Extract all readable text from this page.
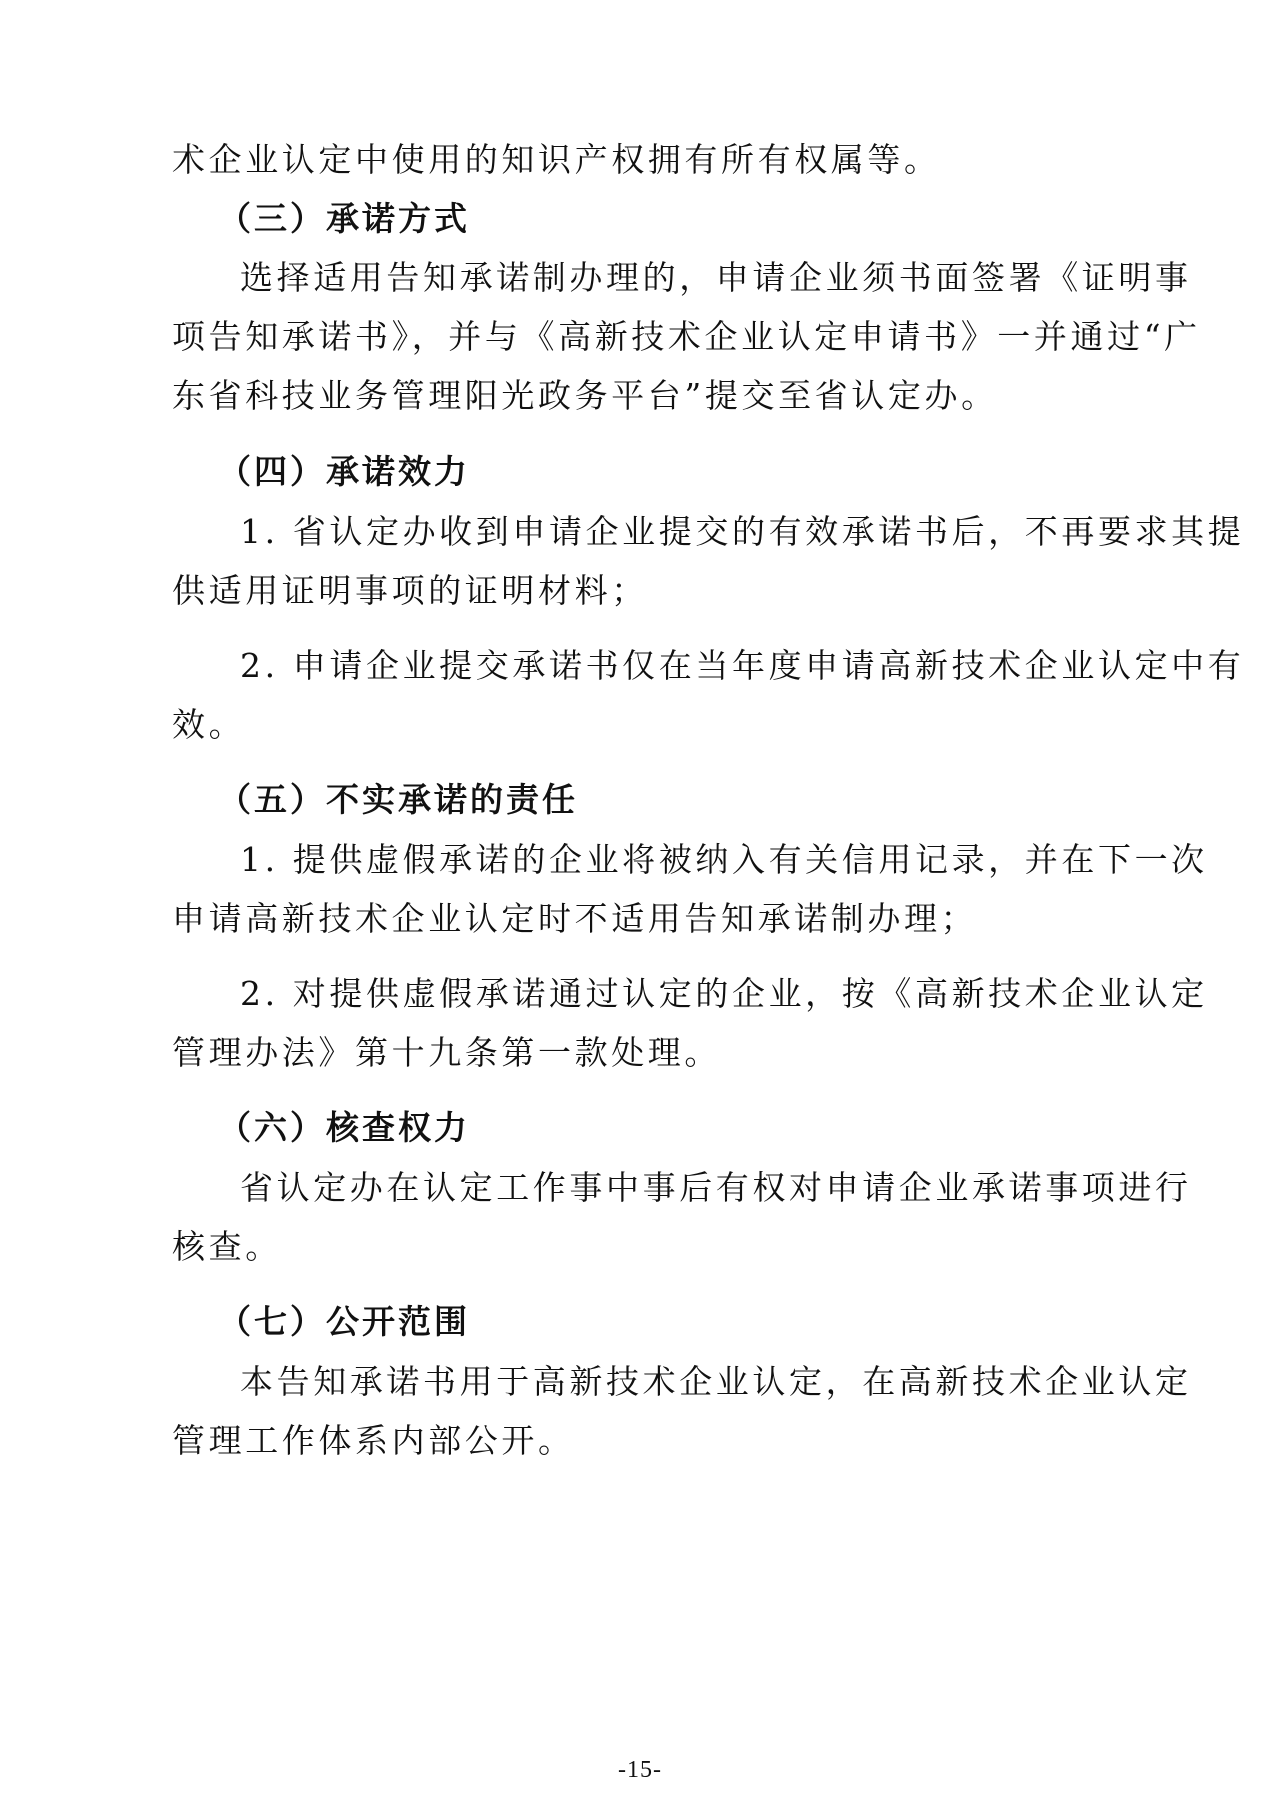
术企业认定中使用的知识产权拥有所有权属等。
（三）承诺方式
选择适用告知承诺制办理的，申请企业须书面签署《证明事
项告知承诺书》，并与《高新技术企业认定申请书》一并通过“广
东省科技业务管理阳光政务平台”提交至省认定办。
（四）承诺效力
1. 省认定办收到申请企业提交的有效承诺书后，不再要求其提
供适用证明事项的证明材料；
2. 申请企业提交承诺书仅在当年度申请高新技术企业认定中有
效。
（五）不实承诺的责任
1. 提供虚假承诺的企业将被纳入有关信用记录，并在下一次
申请高新技术企业认定时不适用告知承诺制办理；
2. 对提供虚假承诺通过认定的企业，按《高新技术企业认定
管理办法》第十九条第一款处理。
（六）核查权力
省认定办在认定工作事中事后有权对申请企业承诺事项进行
核查。
（七）公开范围
本告知承诺书用于高新技术企业认定，在高新技术企业认定
管理工作体系内部公开。
-15-
